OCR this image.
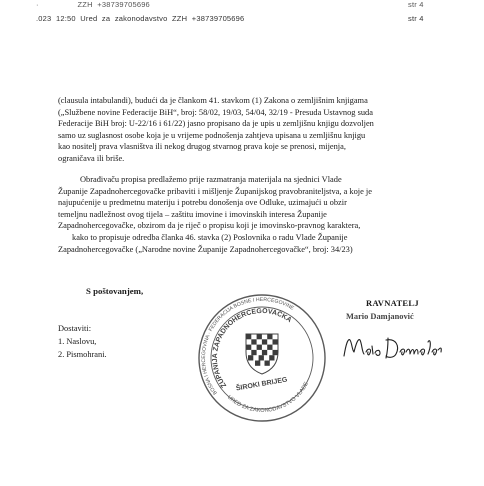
·                 ZZH  +38739705696	str 4
.023  12:50  Ured  za  zakonodavstvo  ZZH  +38739705696	str 4
(clausula intabulandi), budući da je člankom 41. stavkom (1) Zakona o zemljišnim knjigama
(„Službene novine Federacije BiH“, broj: 58/02, 19/03, 54/04, 32/19 - Presuda Ustavnog suda
Federacije BiH broj: U-22/16 i 61/22) jasno propisano da je upis u zemljišnu knjigu dozvoljen
samo uz suglasnost osobe koja je u vrijeme podnošenja zahtjeva upisana u zemljišnu knjigu
kao nositelj prava vlasništva ili nekog drugog stvarnog prava koje se prenosi, mijenja,
ograničava ili briše.
Obrađivaču propisa predlažemo prije razmatranja materijala na sjednici Vlade
Županije Zapadnohercegovačke pribaviti i mišljenje Županijskog pravobraniteljstva, a koje je
najupućenije u predmetnu materiju i potrebu donošenja ove Odluke, uzimajući u obzir
temeljnu nadležnost ovog tijela – zaštitu imovine i imovinskih interesa Županije
Zapadnohercegovačke, obzirom da je riječ o propisu koji je imovinsko-pravnog karaktera,
kako to propisuje odredba članka 46. stavka (2) Poslovnika o radu Vlade Županije
Zapadnohercegovačke („Narodne novine Županije Zapadnohercegovačke“, broj: 34/23)
S poštovanjem,
Dostaviti:
1. Naslovu,
2. Pismohrani.
BOSNA I HERCEGOVINA · FEDERACIJA BOSNE I HERCEGOVINE
ŽUPANIJA ZAPADNOHERCEGOVAČKA
ŠIROKI BRIJEG
URED ZA ZAKONODAVSTVO VLADE
RAVNATELJ
Mario Damjanović
